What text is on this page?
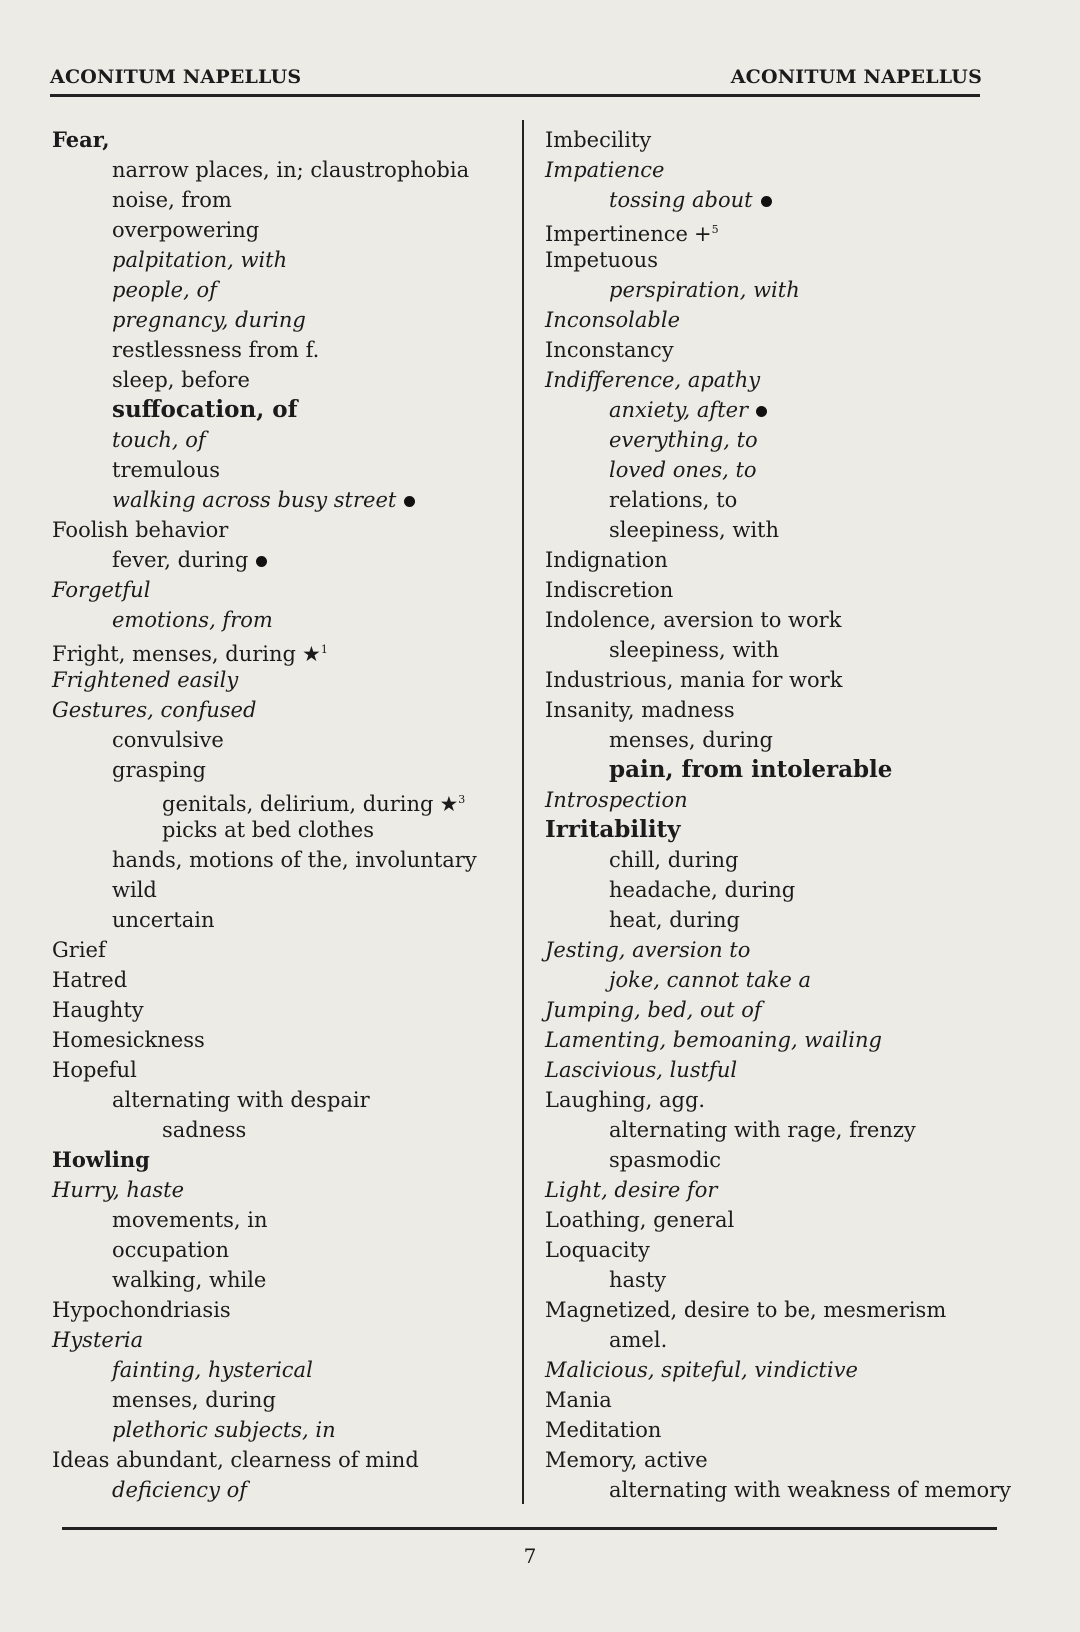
ACONITUM NAPELLUS	ACONITUM NAPELLUS
Fear,
narrow places, in; claustrophobia
noise, from
overpowering
palpitation, with
people, of
pregnancy, during
restlessness from f.
sleep, before
suffocation, of
touch, of
tremulous
walking across busy street
Foolish behavior
fever, during
Forgetful
emotions, from
Fright, menses, during ★$^1$
Frightened easily
Gestures, confused
convulsive
grasping
genitals, delirium, during ★$^3$
picks at bed clothes
hands, motions of the, involuntary
wild
uncertain
Grief
Hatred
Haughty
Homesickness
Hopeful
alternating with despair
sadness
Howling
Hurry, haste
movements, in
occupation
walking, while
Hypochondriasis
Hysteria
fainting, hysterical
menses, during
plethoric subjects, in
Ideas abundant, clearness of mind
deficiency of
Imbecility
Impatience
tossing about
Impertinence +$^5$
Impetuous
perspiration, with
Inconsolable
Inconstancy
Indifference, apathy
anxiety, after
everything, to
loved ones, to
relations, to
sleepiness, with
Indignation
Indiscretion
Indolence, aversion to work
sleepiness, with
Industrious, mania for work
Insanity, madness
menses, during
pain, from intolerable
Introspection
Irritability
chill, during
headache, during
heat, during
Jesting, aversion to
joke, cannot take a
Jumping, bed, out of
Lamenting, bemoaning, wailing
Lascivious, lustful
Laughing, agg.
alternating with rage, frenzy
spasmodic
Light, desire for
Loathing, general
Loquacity
hasty
Magnetized, desire to be, mesmerism
amel.
Malicious, spiteful, vindictive
Mania
Meditation
Memory, active
alternating with weakness of memory
7
